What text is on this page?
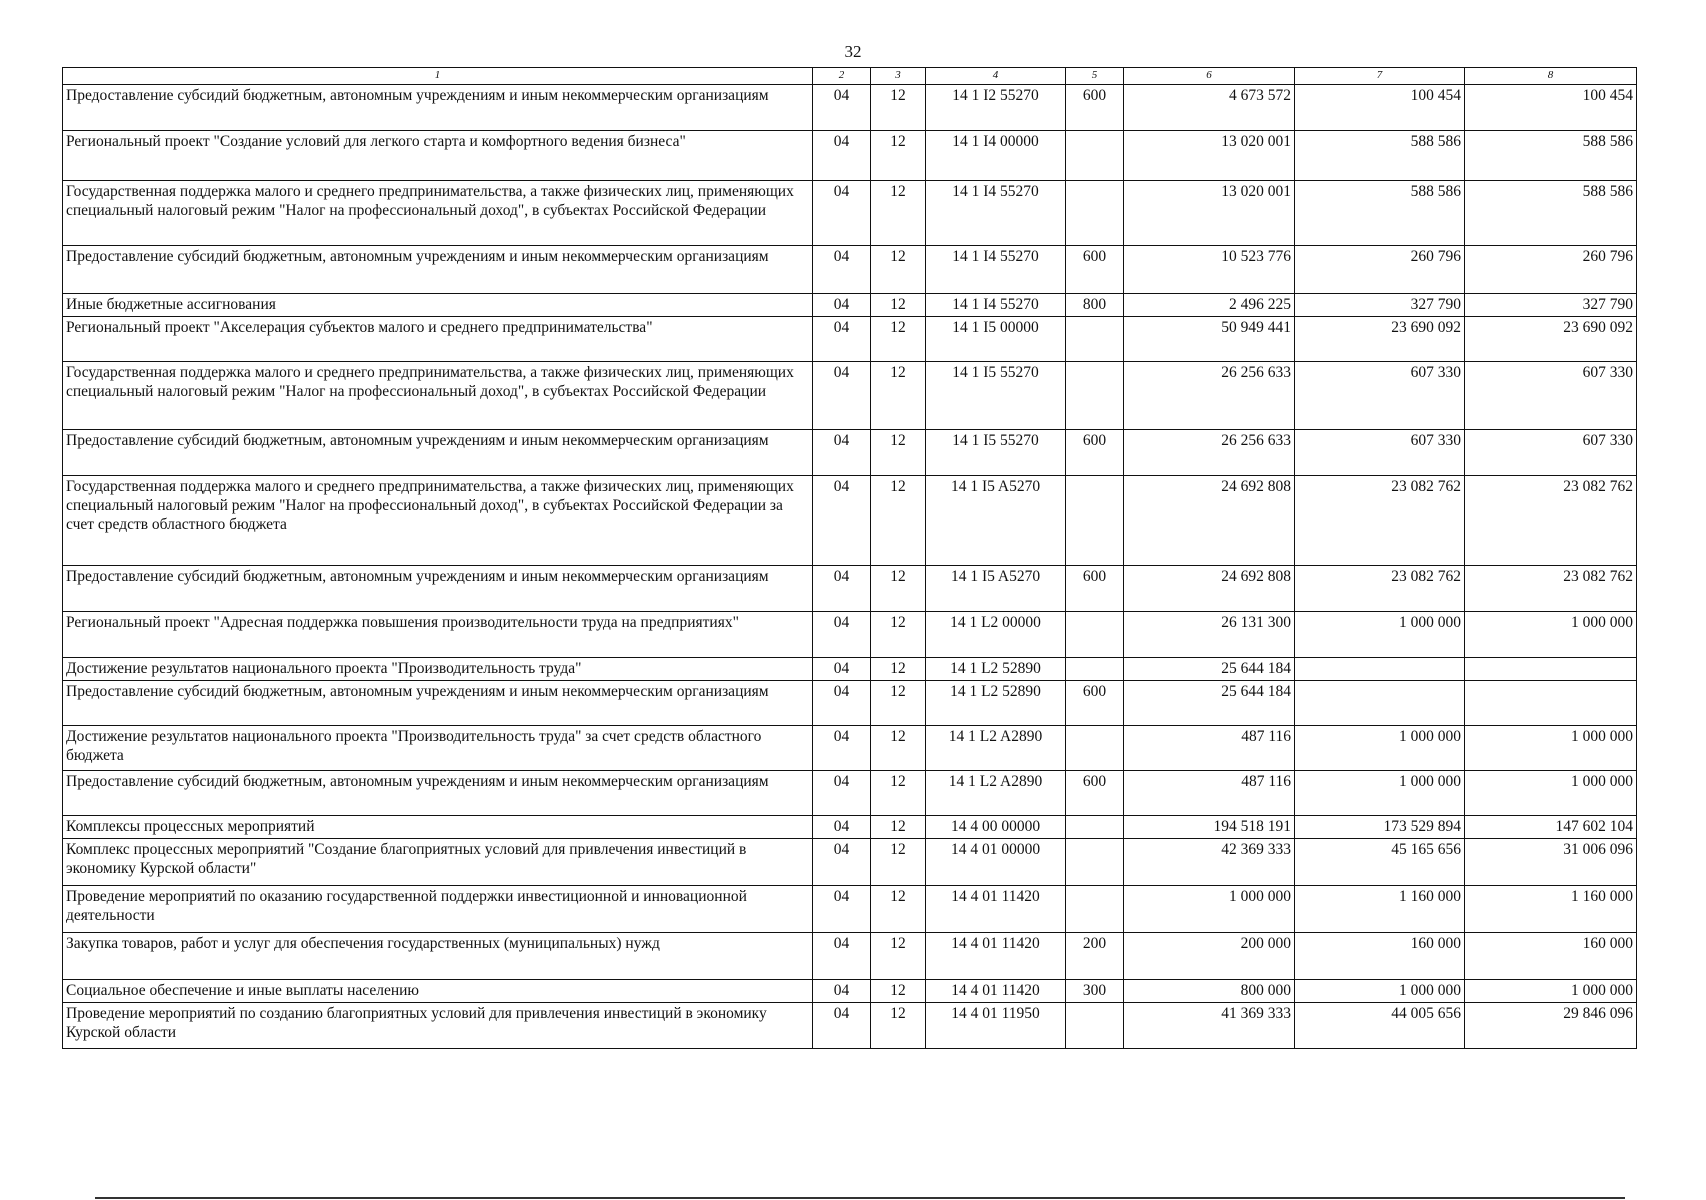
32
1	2	3	4	5	6	7	8
Предоставление субсидий бюджетным, автономным учреждениям и иным некоммерческим организациям	04	12	14 1 I2 55270	600	4 673 572	100 454	100 454
Региональный проект "Создание условий для легкого старта и комфортного ведения бизнеса"	04	12	14 1 I4 00000		13 020 001	588 586	588 586
Государственная поддержка малого и среднего предпринимательства, а также физических лиц, применяющих специальный налоговый режим "Налог на профессиональный доход", в субъектах Российской Федерации	04	12	14 1 I4 55270		13 020 001	588 586	588 586
Предоставление субсидий бюджетным, автономным учреждениям и иным некоммерческим организациям	04	12	14 1 I4 55270	600	10 523 776	260 796	260 796
Иные бюджетные ассигнования	04	12	14 1 I4 55270	800	2 496 225	327 790	327 790
Региональный проект "Акселерация субъектов малого и среднего предпринимательства"	04	12	14 1 I5 00000		50 949 441	23 690 092	23 690 092
Государственная поддержка малого и среднего предпринимательства, а также физических лиц, применяющих специальный налоговый режим "Налог на профессиональный доход", в субъектах Российской Федерации	04	12	14 1 I5 55270		26 256 633	607 330	607 330
Предоставление субсидий бюджетным, автономным учреждениям и иным некоммерческим организациям	04	12	14 1 I5 55270	600	26 256 633	607 330	607 330
Государственная поддержка малого и среднего предпринимательства, а также физических лиц, применяющих специальный налоговый режим "Налог на профессиональный доход", в субъектах Российской Федерации за счет средств областного бюджета	04	12	14 1 I5 A5270		24 692 808	23 082 762	23 082 762
Предоставление субсидий бюджетным, автономным учреждениям и иным некоммерческим организациям	04	12	14 1 I5 A5270	600	24 692 808	23 082 762	23 082 762
Региональный проект "Адресная поддержка повышения производительности труда на предприятиях"	04	12	14 1 L2 00000		26 131 300	1 000 000	1 000 000
Достижение результатов национального проекта "Производительность труда"	04	12	14 1 L2 52890		25 644 184		
Предоставление субсидий бюджетным, автономным учреждениям и иным некоммерческим организациям	04	12	14 1 L2 52890	600	25 644 184		
Достижение результатов национального проекта "Производительность труда" за счет средств областного бюджета	04	12	14 1 L2 A2890		487 116	1 000 000	1 000 000
Предоставление субсидий бюджетным, автономным учреждениям и иным некоммерческим организациям	04	12	14 1 L2 A2890	600	487 116	1 000 000	1 000 000
Комплексы процессных мероприятий	04	12	14 4 00 00000		194 518 191	173 529 894	147 602 104
Комплекс процессных мероприятий "Создание благоприятных условий для привлечения инвестиций в экономику Курской области"	04	12	14 4 01 00000		42 369 333	45 165 656	31 006 096
Проведение мероприятий по оказанию государственной поддержки инвестиционной и инновационной деятельности	04	12	14 4 01 11420		1 000 000	1 160 000	1 160 000
Закупка товаров, работ и услуг для обеспечения государственных (муниципальных) нужд	04	12	14 4 01 11420	200	200 000	160 000	160 000
Социальное обеспечение и иные выплаты населению	04	12	14 4 01 11420	300	800 000	1 000 000	1 000 000
Проведение мероприятий по созданию благоприятных условий для привлечения инвестиций в экономику Курской области	04	12	14 4 01 11950		41 369 333	44 005 656	29 846 096
